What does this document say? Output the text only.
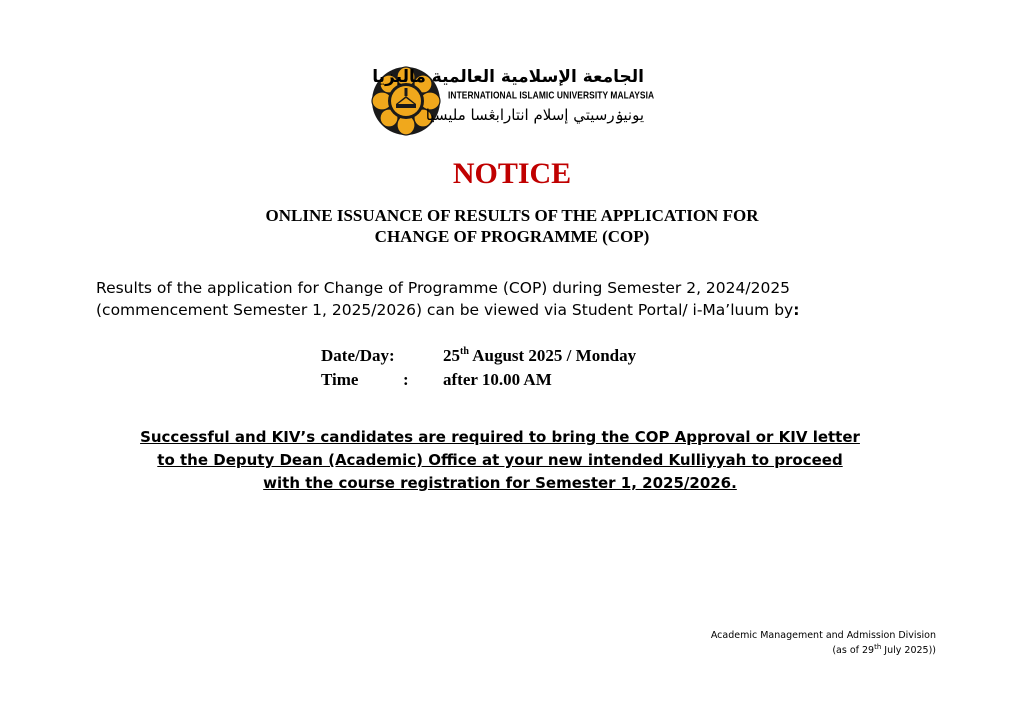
الجامعة الإسلامية العالمية ماليزيا
INTERNATIONAL ISLAMIC UNIVERSITY MALAYSIA
يونيۏرسيتي إسلام انتارابڠسا مليسيا
NOTICE
ONLINE ISSUANCE OF RESULTS OF THE APPLICATION FOR
CHANGE OF PROGRAMME (COP)
Results of the application for Change of Programme (COP) during Semester 2, 2024/2025
(commencement Semester 1, 2025/2026) can be viewed via Student Portal/ i-Ma’luum by:
Date/Day:	25th August 2025 / Monday
Time	: after 10.00 AM
Successful and KIV’s candidates are required to bring the COP Approval or KIV letter
to the Deputy Dean (Academic) Office at your new intended Kulliyyah to proceed
with the course registration for Semester 1, 2025/2026.
Academic Management and Admission Division
(as of 29th July 2025))
